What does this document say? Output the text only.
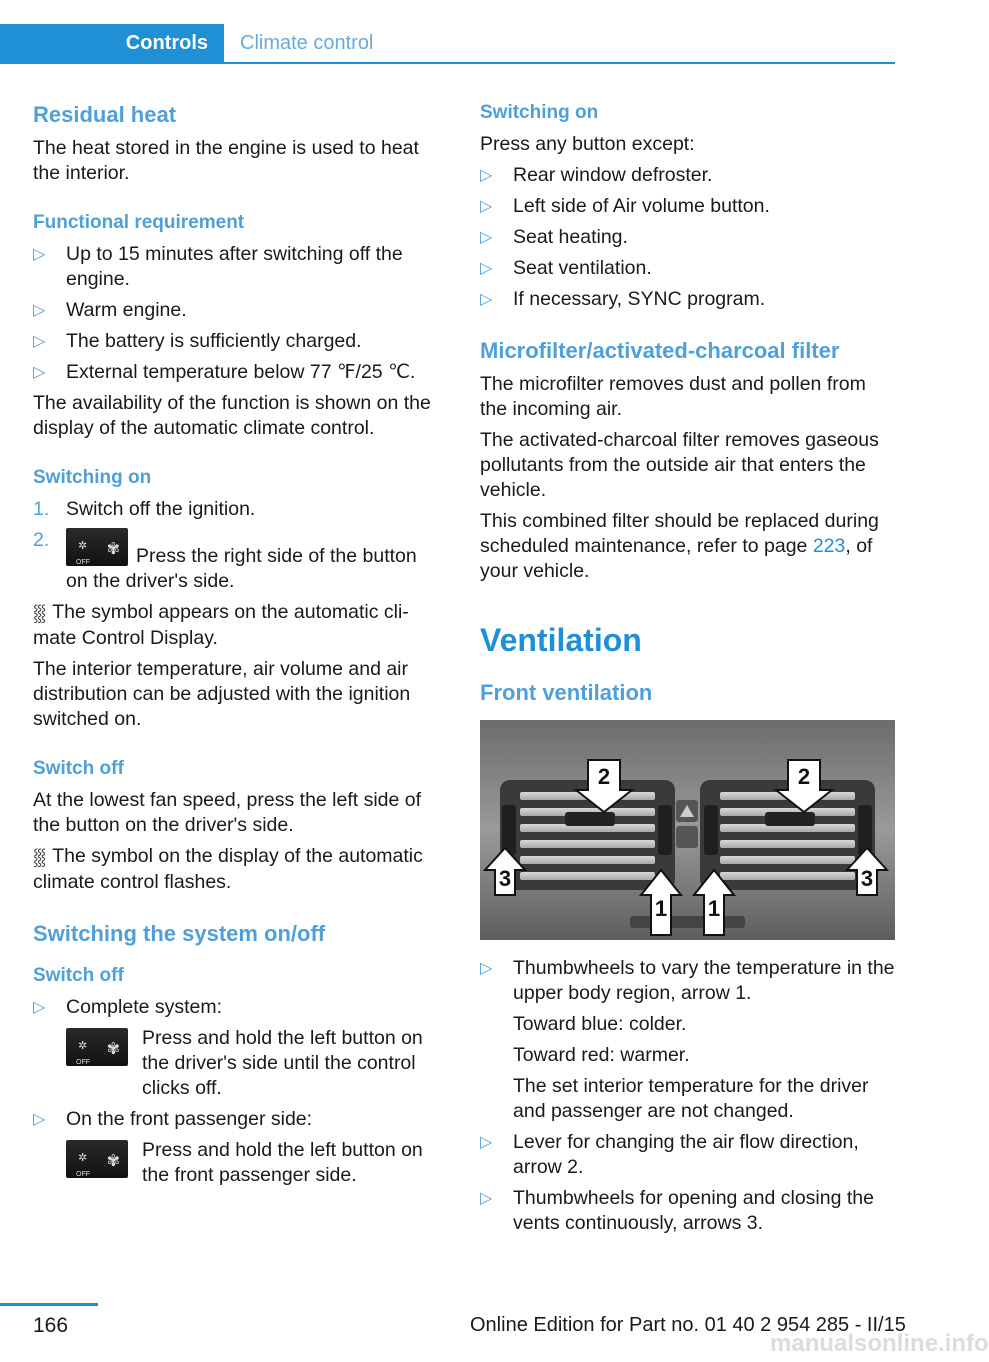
Controls Climate control
Residual heat
The heat stored in the engine is used to heat the interior.
Functional requirement
▷ Up to 15 minutes after switching off the engine.
▷ Warm engine.
▷ The battery is sufficiently charged.
▷ External temperature below 77 ℉/25 ℃.
The availability of the function is shown on the display of the automatic climate control.
Switching on
1. Switch off the ignition.
2.	✲
OFF
✾ Press the right side of the button on the driver's side.
⸾⸾⸾ The symbol appears on the automatic cli-mate Control Display.
The interior temperature, air volume and air distribution can be adjusted with the ignition switched on.
Switch off
At the lowest fan speed, press the left side of the button on the driver's side.
⸾⸾⸾ The symbol on the display of the automatic climate control flashes.
Switching the system on/off
Switch off
▷ Complete system:
✲
OFF
✾
Press and hold the left button on the driver's side until the control clicks off.
▷ On the front passenger side:
✲
OFF
✾
Press and hold the left button on the front passenger side.
Switching on
Press any button except:
▷ Rear window defroster.
▷ Left side of Air volume button.
▷ Seat heating.
▷ Seat ventilation.
▷ If necessary, SYNC program.
Microfilter/activated-charcoal filter
The microfilter removes dust and pollen from the incoming air.
The activated-charcoal filter removes gaseous pollutants from the outside air that enters the vehicle.
This combined filter should be replaced during scheduled maintenance, refer to page 223, of your vehicle.
Ventilation
Front ventilation
2	2
3
1 1
3
▷ Thumbwheels to vary the temperature in the upper body region, arrow 1.
Toward blue: colder.
Toward red: warmer.
The set interior temperature for the driver and passenger are not changed.
▷ Lever for changing the air flow direction, arrow 2.
▷ Thumbwheels for opening and closing the vents continuously, arrows 3.
166	Online Edition for Part no. 01 40 2 954 285 - II/15
manualsonline.info
